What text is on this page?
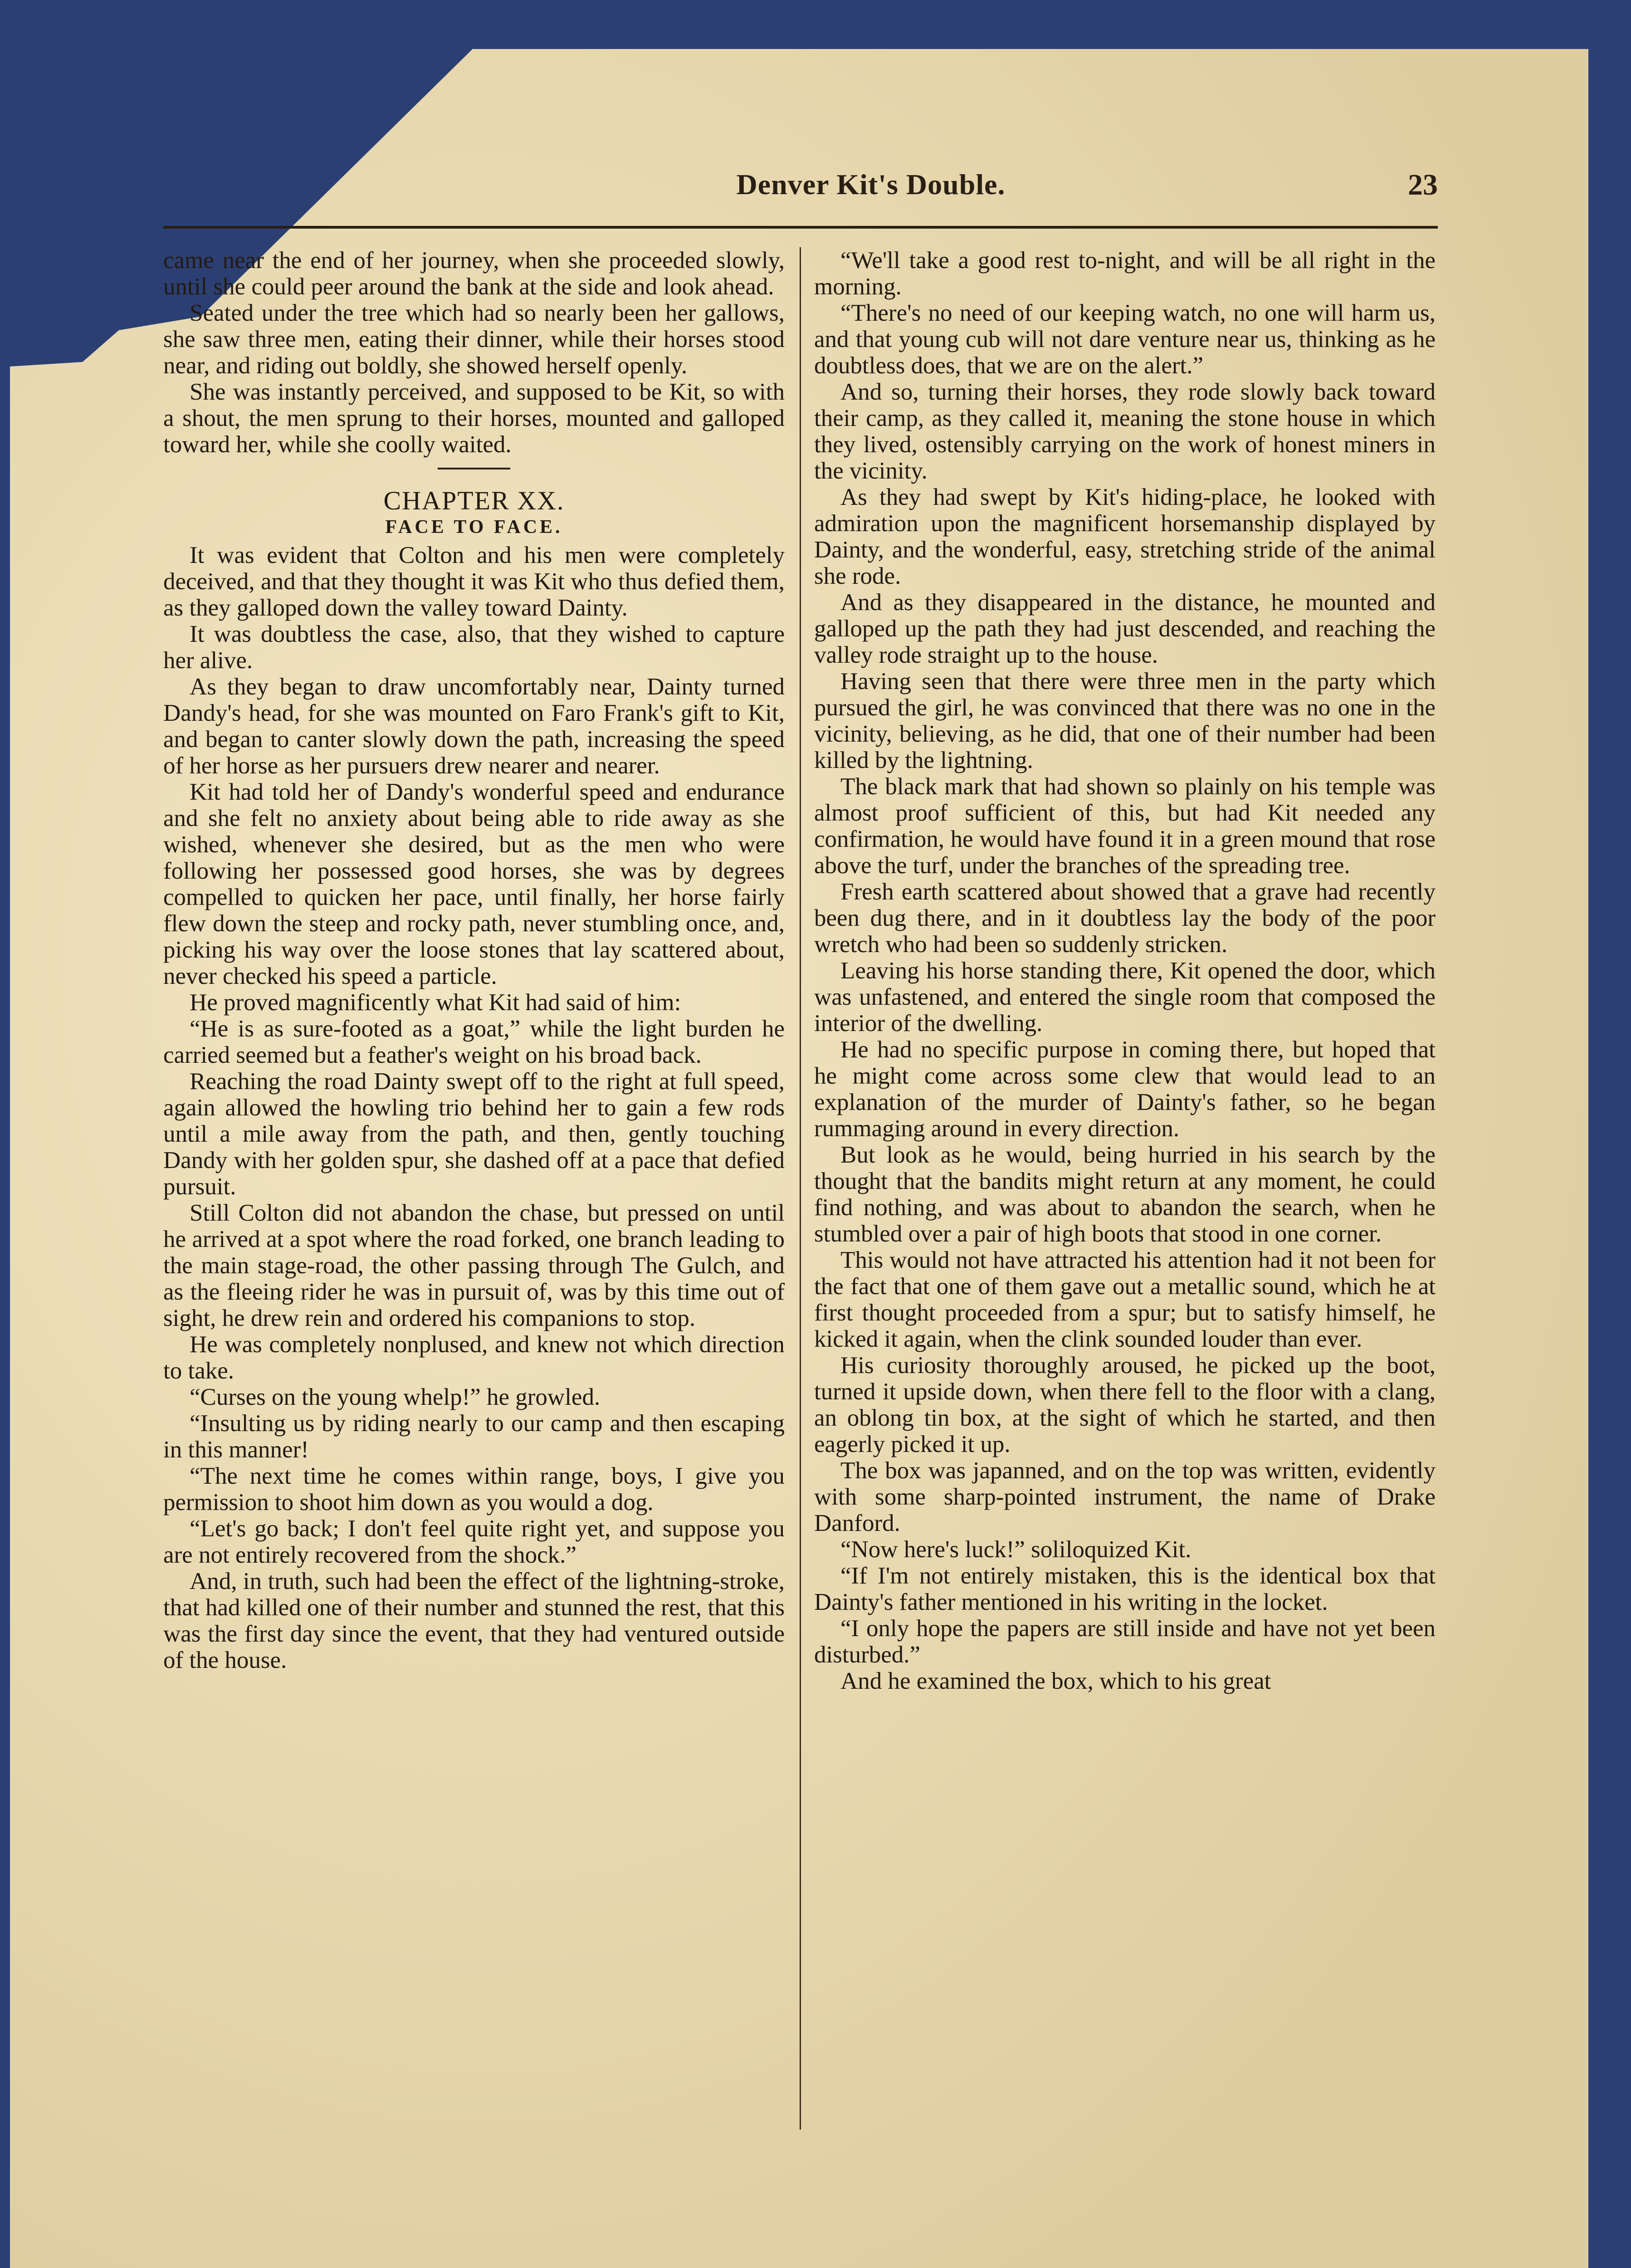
Denver Kit's Double.	23

came near the end of her journey, when she proceeded slowly, until she could peer around the bank at the side and look ahead.

Seated under the tree which had so nearly been her gallows, she saw three men, eating their dinner, while their horses stood near, and riding out boldly, she showed herself openly.

She was instantly perceived, and supposed to be Kit, so with a shout, the men sprung to their horses, mounted and galloped toward her, while she coolly waited.

CHAPTER XX.
FACE TO FACE.

It was evident that Colton and his men were completely deceived, and that they thought it was Kit who thus defied them, as they galloped down the valley toward Dainty.

It was doubtless the case, also, that they wished to capture her alive.

As they began to draw uncomfortably near, Dainty turned Dandy's head, for she was mounted on Faro Frank's gift to Kit, and began to canter slowly down the path, increasing the speed of her horse as her pursuers drew nearer and nearer.

Kit had told her of Dandy's wonderful speed and endurance and she felt no anxiety about being able to ride away as she wished, whenever she desired, but as the men who were following her possessed good horses, she was by degrees compelled to quicken her pace, until finally, her horse fairly flew down the steep and rocky path, never stumbling once, and, picking his way over the loose stones that lay scattered about, never checked his speed a particle.

He proved magnificently what Kit had said of him:

“He is as sure-footed as a goat,” while the light burden he carried seemed but a feather's weight on his broad back.

Reaching the road Dainty swept off to the right at full speed, again allowed the howling trio behind her to gain a few rods until a mile away from the path, and then, gently touching Dandy with her golden spur, she dashed off at a pace that defied pursuit.

Still Colton did not abandon the chase, but pressed on until he arrived at a spot where the road forked, one branch leading to the main stage-road, the other passing through The Gulch, and as the fleeing rider he was in pursuit of, was by this time out of sight, he drew rein and ordered his companions to stop.

He was completely nonplused, and knew not which direction to take.

“Curses on the young whelp!” he growled.

“Insulting us by riding nearly to our camp and then escaping in this manner!

“The next time he comes within range, boys, I give you permission to shoot him down as you would a dog.

“Let's go back; I don't feel quite right yet, and suppose you are not entirely recovered from the shock.”

And, in truth, such had been the effect of the lightning-stroke, that had killed one of their number and stunned the rest, that this was the first day since the event, that they had ventured outside of the house.

“We'll take a good rest to-night, and will be all right in the morning.

“There's no need of our keeping watch, no one will harm us, and that young cub will not dare venture near us, thinking as he doubtless does, that we are on the alert.”

And so, turning their horses, they rode slowly back toward their camp, as they called it, meaning the stone house in which they lived, ostensibly carrying on the work of honest miners in the vicinity.

As they had swept by Kit's hiding-place, he looked with admiration upon the magnificent horsemanship displayed by Dainty, and the wonderful, easy, stretching stride of the animal she rode.

And as they disappeared in the distance, he mounted and galloped up the path they had just descended, and reaching the valley rode straight up to the house.

Having seen that there were three men in the party which pursued the girl, he was convinced that there was no one in the vicinity, believing, as he did, that one of their number had been killed by the lightning.

The black mark that had shown so plainly on his temple was almost proof sufficient of this, but had Kit needed any confirmation, he would have found it in a green mound that rose above the turf, under the branches of the spreading tree.

Fresh earth scattered about showed that a grave had recently been dug there, and in it doubtless lay the body of the poor wretch who had been so suddenly stricken.

Leaving his horse standing there, Kit opened the door, which was unfastened, and entered the single room that composed the interior of the dwelling.

He had no specific purpose in coming there, but hoped that he might come across some clew that would lead to an explanation of the murder of Dainty's father, so he began rummaging around in every direction.

But look as he would, being hurried in his search by the thought that the bandits might return at any moment, he could find nothing, and was about to abandon the search, when he stumbled over a pair of high boots that stood in one corner.

This would not have attracted his attention had it not been for the fact that one of them gave out a metallic sound, which he at first thought proceeded from a spur; but to satisfy himself, he kicked it again, when the clink sounded louder than ever.

His curiosity thoroughly aroused, he picked up the boot, turned it upside down, when there fell to the floor with a clang, an oblong tin box, at the sight of which he started, and then eagerly picked it up.

The box was japanned, and on the top was written, evidently with some sharp-pointed instrument, the name of Drake Danford.

“Now here's luck!” soliloquized Kit.

“If I'm not entirely mistaken, this is the identical box that Dainty's father mentioned in his writing in the locket.

“I only hope the papers are still inside and have not yet been disturbed.”

And he examined the box, which to his great
